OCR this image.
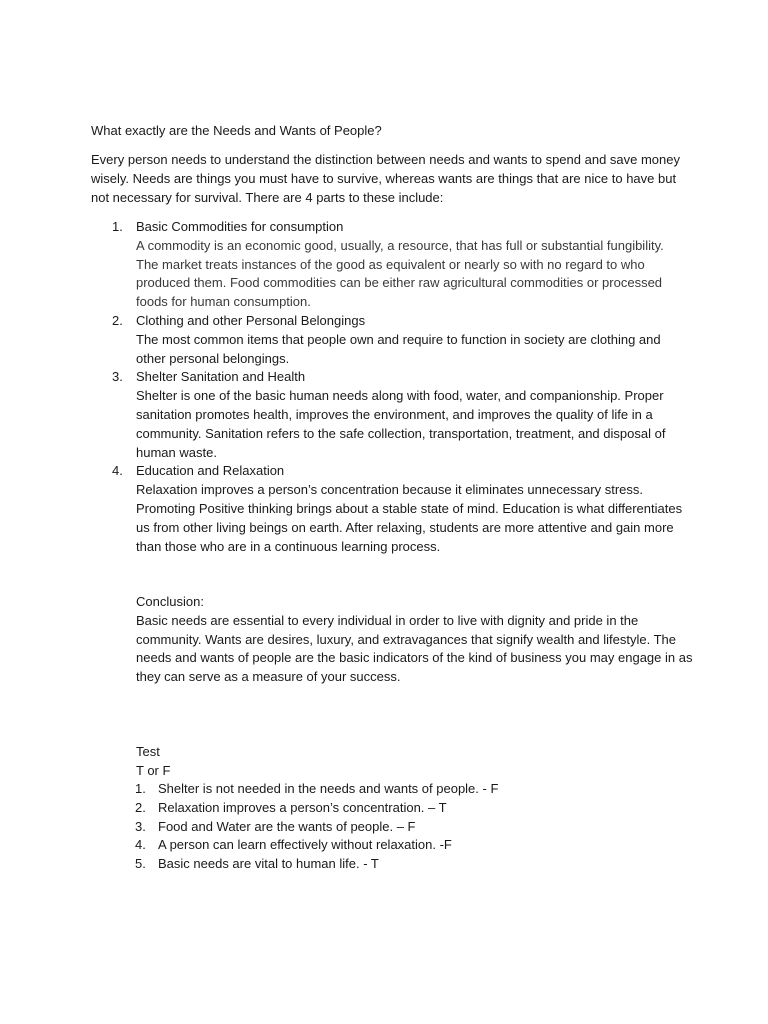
What exactly are the Needs and Wants of People?
Every person needs to understand the distinction between needs and wants to spend and save money
wisely. Needs are things you must have to survive, whereas wants are things that are nice to have but
not necessary for survival. There are 4 parts to these include:
1. Basic Commodities for consumption
A commodity is an economic good, usually, a resource, that has full or substantial fungibility.
The market treats instances of the good as equivalent or nearly so with no regard to who
produced them. Food commodities can be either raw agricultural commodities or processed
foods for human consumption.
2. Clothing and other Personal Belongings
The most common items that people own and require to function in society are clothing and
other personal belongings.
3. Shelter Sanitation and Health
Shelter is one of the basic human needs along with food, water, and companionship. Proper
sanitation promotes health, improves the environment, and improves the quality of life in a
community. Sanitation refers to the safe collection, transportation, treatment, and disposal of
human waste.
4. Education and Relaxation
Relaxation improves a person’s concentration because it eliminates unnecessary stress.
Promoting Positive thinking brings about a stable state of mind. Education is what differentiates
us from other living beings on earth. After relaxing, students are more attentive and gain more
than those who are in a continuous learning process.
Conclusion:
Basic needs are essential to every individual in order to live with dignity and pride in the
community. Wants are desires, luxury, and extravagances that signify wealth and lifestyle. The
needs and wants of people are the basic indicators of the kind of business you may engage in as
they can serve as a measure of your success.
Test
T or F
1. Shelter is not needed in the needs and wants of people. - F
2. Relaxation improves a person’s concentration. – T
3. Food and Water are the wants of people. – F
4. A person can learn effectively without relaxation. -F
5. Basic needs are vital to human life. - T
